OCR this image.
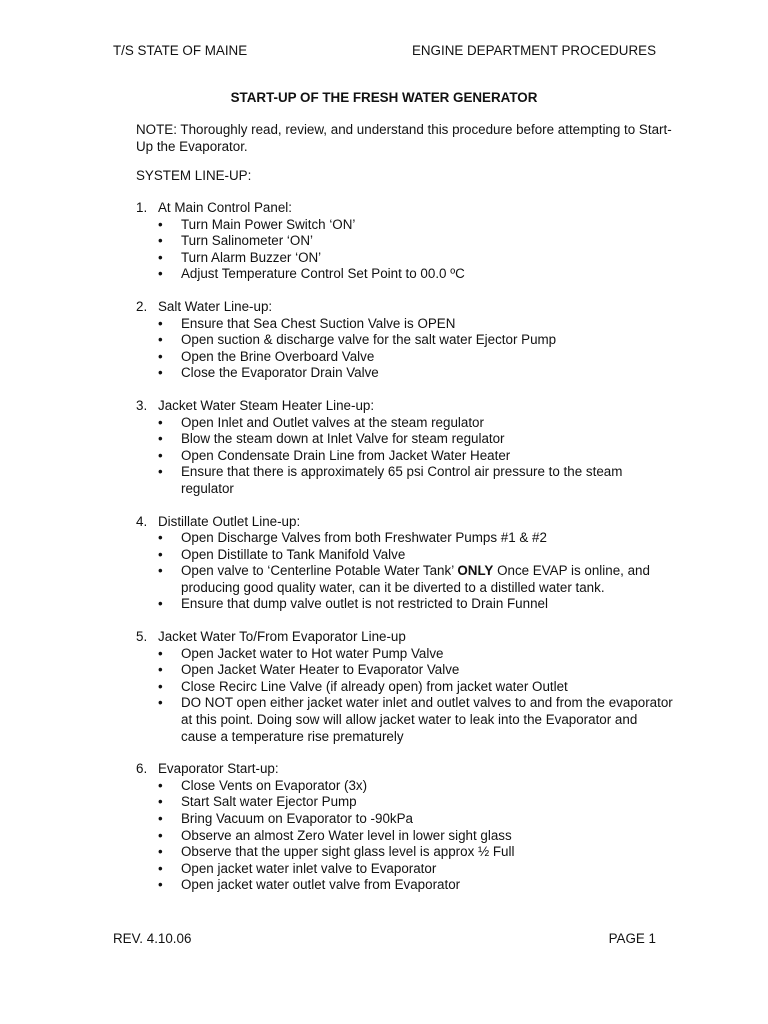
T/S STATE OF MAINE	ENGINE DEPARTMENT PROCEDURES
START-UP OF THE FRESH WATER GENERATOR
NOTE: Thoroughly read, review, and understand this procedure before attempting to Start-Up the Evaporator.
SYSTEM LINE-UP:
1. At Main Control Panel:
•	Turn Main Power Switch ‘ON’
•	Turn Salinometer ‘ON’
•	Turn Alarm Buzzer ‘ON’
•	Adjust Temperature Control Set Point to 00.0 ºC
2. Salt Water Line-up:
•	Ensure that Sea Chest Suction Valve is OPEN
•	Open suction & discharge valve for the salt water Ejector Pump
•	Open the Brine Overboard Valve
•	Close the Evaporator Drain Valve
3. Jacket Water Steam Heater Line-up:
•	Open Inlet and Outlet valves at the steam regulator
•	Blow the steam down at Inlet Valve for steam regulator
•	Open Condensate Drain Line from Jacket Water Heater
•	Ensure that there is approximately 65 psi Control air pressure to the steam regulator
4. Distillate Outlet Line-up:
•	Open Discharge Valves from both Freshwater Pumps #1 & #2
•	Open Distillate to Tank Manifold Valve
•	Open valve to ‘Centerline Potable Water Tank’ ONLY Once EVAP is online, and producing good quality water, can it be diverted to a distilled water tank.
•	Ensure that dump valve outlet is not restricted to Drain Funnel
5. Jacket Water To/From Evaporator Line-up
•	Open Jacket water to Hot water Pump Valve
•	Open Jacket Water Heater to Evaporator Valve
•	Close Recirc Line Valve (if already open) from jacket water Outlet
•	DO NOT open either jacket water inlet and outlet valves to and from the evaporator at this point. Doing sow will allow jacket water to leak into the Evaporator and cause a temperature rise prematurely
6. Evaporator Start-up:
•	Close Vents on Evaporator (3x)
•	Start Salt water Ejector Pump
•	Bring Vacuum on Evaporator to -90kPa
•	Observe an almost Zero Water level in lower sight glass
•	Observe that the upper sight glass level is approx ½ Full
•	Open jacket water inlet valve to Evaporator
•	Open jacket water outlet valve from Evaporator
REV. 4.10.06	PAGE 1
